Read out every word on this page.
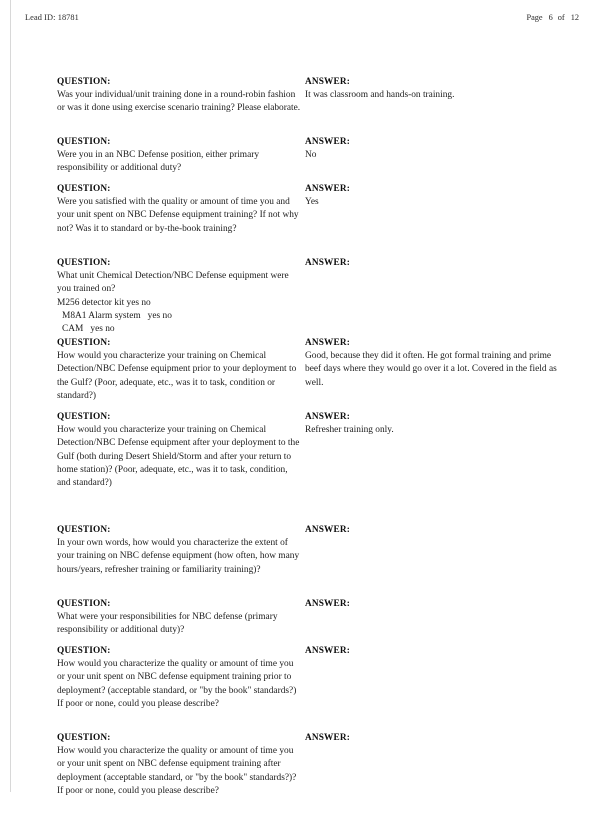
Lead ID: 18781	Page 6 of 12
QUESTION:
Was your individual/unit training done in a round-robin fashion or was it done using exercise scenario training? Please elaborate.
ANSWER:
It was classroom and hands-on training.
QUESTION:
Were you in an NBC Defense position, either primary responsibility or additional duty?
ANSWER:
No
QUESTION:
Were you satisfied with the quality or amount of time you and your unit spent on NBC Defense equipment training? If not why not? Was it to standard or by-the-book training?
ANSWER:
Yes
QUESTION:
What unit Chemical Detection/NBC Defense equipment were you trained on?
M256 detector kit yes no
M8A1 Alarm system   yes no
CAM   yes no
ANSWER:
QUESTION:
How would you characterize your training on Chemical Detection/NBC Defense equipment prior to your deployment to the Gulf? (Poor, adequate, etc., was it to task, condition or standard?)
ANSWER:
Good, because they did it often. He got formal training and prime beef days where they would go over it a lot. Covered in the field as well.
QUESTION:
How would you characterize your training on Chemical Detection/NBC Defense equipment after your deployment to the Gulf (both during Desert Shield/Storm and after your return to home station)? (Poor, adequate, etc., was it to task, condition, and standard?)
ANSWER:
Refresher training only.
QUESTION:
In your own words, how would you characterize the extent of your training on NBC defense equipment (how often, how many hours/years, refresher training or familiarity training)?
ANSWER:
QUESTION:
What were your responsibilities for NBC defense (primary responsibility or additional duty)?
ANSWER:
QUESTION:
How would you characterize the quality or amount of time you or your unit spent on NBC defense equipment training prior to deployment? (acceptable standard, or "by the book" standards?) If poor or none, could you please describe?
ANSWER:
QUESTION:
How would you characterize the quality or amount of time you or your unit spent on NBC defense equipment training after deployment (acceptable standard, or "by the book" standards?)? If poor or none, could you please describe?
ANSWER:
